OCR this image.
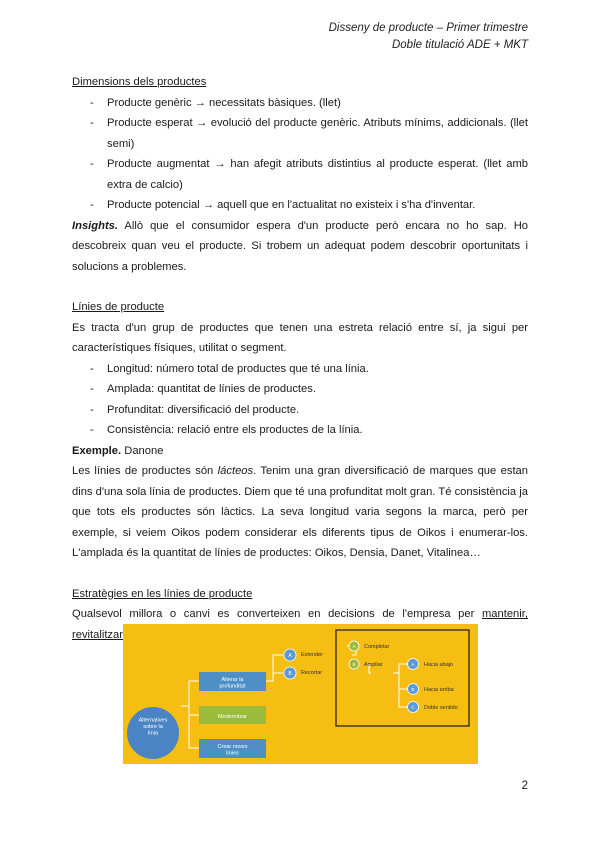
Disseny de producte – Primer trimestre
Doble titulació ADE + MKT
Dimensions dels productes
- Producte genèric → necessitats bàsiques. (llet)
- Producte esperat → evolució del producte genèric. Atributs mínims, addicionals. (llet semi)
- Producte augmentat → han afegit atributs distintius al producte esperat. (llet amb extra de calcio)
- Producte potencial → aquell que en l'actualitat no existeix i s'ha d'inventar.
Insights. Allò que el consumidor espera d'un producte però encara no ho sap. Ho descobreix quan veu el producte. Si trobem un adequat podem descobrir oportunitats i solucions a problemes.
Línies de producte
Es tracta d'un grup de productes que tenen una estreta relació entre sí, ja sigui per característiques físiques, utilitat o segment.
- Longitud: número total de productes que té una línia.
- Amplada: quantitat de línies de productes.
- Profunditat: diversificació del producte.
- Consistència: relació entre els productes de la línia.
Exemple. Danone
Les línies de productes són lácteos. Tenim una gran diversificació de marques que estan dins d'una sola línia de productes. Diem que té una profunditat molt gran. Té consistència ja que tots els productes són làctics. La seva longitud varia segons la marca, però per exemple, si veiem Oikos podem considerar els diferents tipus de Oikos i enumerar-los. L'amplada és la quantitat de línies de productes: Oikos, Densia, Danet, Vitalinea…
Estratègies en les línies de producte
Qualsevol millora o canvi es converteixen en decisions de l'empresa per mantenir, revitalitzar
Alternatives sobre la línia
Alterar la profunditat
Modernitzar
Crear noves línies
A Extender
B Recortar
A Completar
B Ampliar	A Hacia abajo
B Hacia arriba
C Doble sentido
2
